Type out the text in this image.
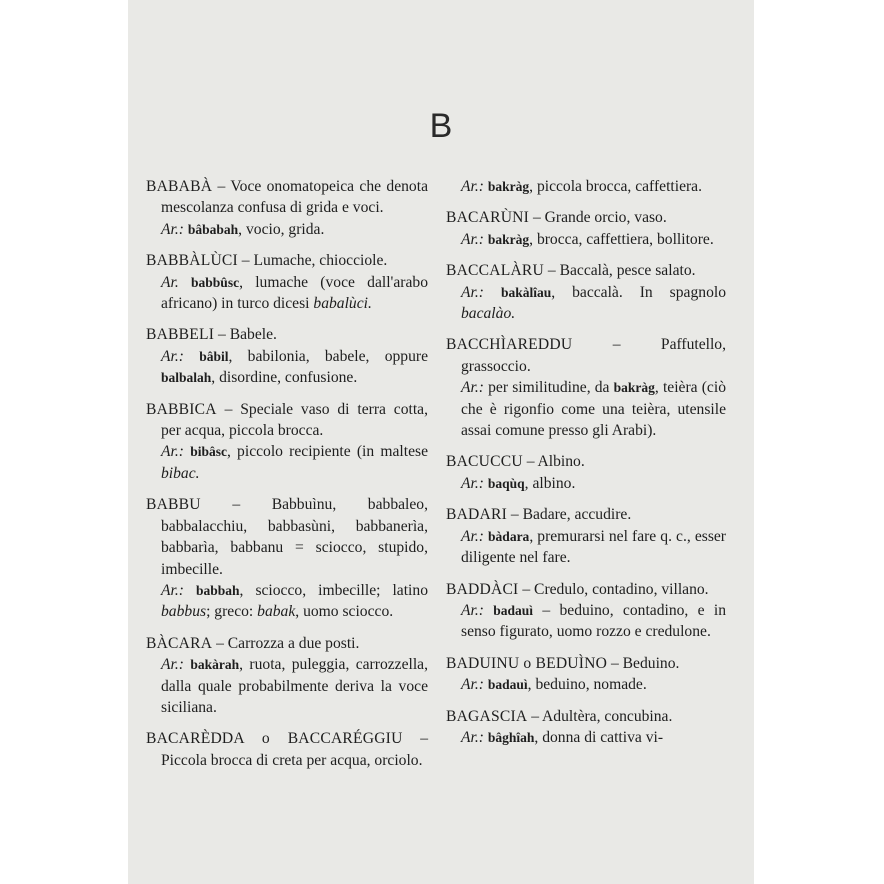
B

BABABÀ – Voce onomatopeica che denota mescolanza confusa di grida e voci.

Ar.: bâbabah, vocio, grida.

BABBÀLÙCI – Lumache, chiocciole.

Ar. babbûsc, lumache (voce dall'arabo africano) in turco dicesi babalùci.

BABBELI – Babele.

Ar.: bâbil, babilonia, babele, oppure balbalah, disordine, confusione.

BABBICA – Speciale vaso di terra cotta, per acqua, piccola brocca.

Ar.: bibâsc, piccolo recipiente (in maltese bibac.

BABBU – Babbuìnu, babbaleo, babbalacchiu, babbasùni, babbanerìa, babbarìa, babbanu = sciocco, stupido, imbecille.

Ar.: babbah, sciocco, imbecille; latino babbus; greco: babak, uomo sciocco.

BÀCARA – Carrozza a due posti.

Ar.: bakàrah, ruota, puleggia, carrozzella, dalla quale probabilmente deriva la voce siciliana.

BACARÈDDA o BACCARÉGGIU – Piccola brocca di creta per acqua, orciolo.

Ar.: bakràg, piccola brocca, caffettiera.

BACARÙNI – Grande orcio, vaso.

Ar.: bakràg, brocca, caffettiera, bollitore.

BACCALÀRU – Baccalà, pesce salato.

Ar.: bakàlîau, baccalà. In spagnolo bacalào.

BACCHÌAREDDU – Paffutello, grassoccio.

Ar.: per similitudine, da bakràg, teièra (ciò che è rigonfio come una teièra, utensile assai comune presso gli Arabi).

BACUCCU – Albino.

Ar.: baqùq, albino.

BADARI – Badare, accudire.

Ar.: bàdara, premurarsi nel fare q. c., esser diligente nel fare.

BADDÀCI – Credulo, contadino, villano.

Ar.: badauì – beduino, contadino, e in senso figurato, uomo rozzo e credulone.

BADUINU o BEDUÌNO – Beduino.

Ar.: badauì, beduino, nomade.

BAGASCIA – Adultèra, concubina.

Ar.: bâghîah, donna di cattiva vi-
